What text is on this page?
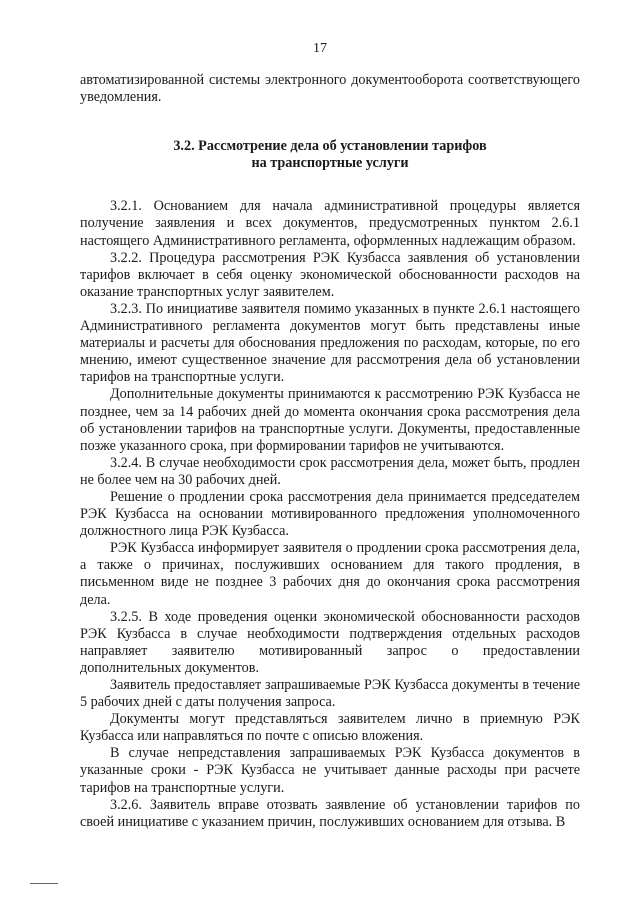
17

автоматизированной системы электронного документооборота соответствующего уведомления.

3.2. Рассмотрение дела об установлении тарифов
на транспортные услуги

3.2.1. Основанием для начала административной процедуры является получение заявления и всех документов, предусмотренных пунктом 2.6.1 настоящего Административного регламента, оформленных надлежащим образом.

3.2.2. Процедура рассмотрения РЭК Кузбасса заявления об установлении тарифов включает в себя оценку экономической обоснованности расходов на оказание транспортных услуг заявителем.

3.2.3. По инициативе заявителя помимо указанных в пункте 2.6.1 настоящего Административного регламента документов могут быть представлены иные материалы и расчеты для обоснования предложения по расходам, которые, по его мнению, имеют существенное значение для рассмотрения дела об установлении тарифов на транспортные услуги.

Дополнительные документы принимаются к рассмотрению РЭК Кузбасса не позднее, чем за 14 рабочих дней до момента окончания срока рассмотрения дела об установлении тарифов на транспортные услуги. Документы, предоставленные позже указанного срока, при формировании тарифов не учитываются.

3.2.4. В случае необходимости срок рассмотрения дела, может быть, продлен не более чем на 30 рабочих дней.

Решение о продлении срока рассмотрения дела принимается председателем РЭК Кузбасса на основании мотивированного предложения уполномоченного должностного лица РЭК Кузбасса.

РЭК Кузбасса информирует заявителя о продлении срока рассмотрения дела, а также о причинах, послуживших основанием для такого продления, в письменном виде не позднее 3 рабочих дня до окончания срока рассмотрения дела.

3.2.5. В ходе проведения оценки экономической обоснованности расходов РЭК Кузбасса в случае необходимости подтверждения отдельных расходов направляет заявителю мотивированный запрос о предоставлении дополнительных документов.

Заявитель предоставляет запрашиваемые РЭК Кузбасса документы в течение 5 рабочих дней с даты получения запроса.

Документы могут представляться заявителем лично в приемную РЭК Кузбасса или направляться по почте с описью вложения.

В случае непредставления запрашиваемых РЭК Кузбасса документов в указанные сроки - РЭК Кузбасса не учитывает данные расходы при расчете тарифов на транспортные услуги.

3.2.6. Заявитель вправе отозвать заявление об установлении тарифов по своей инициативе с указанием причин, послуживших основанием для отзыва. В
